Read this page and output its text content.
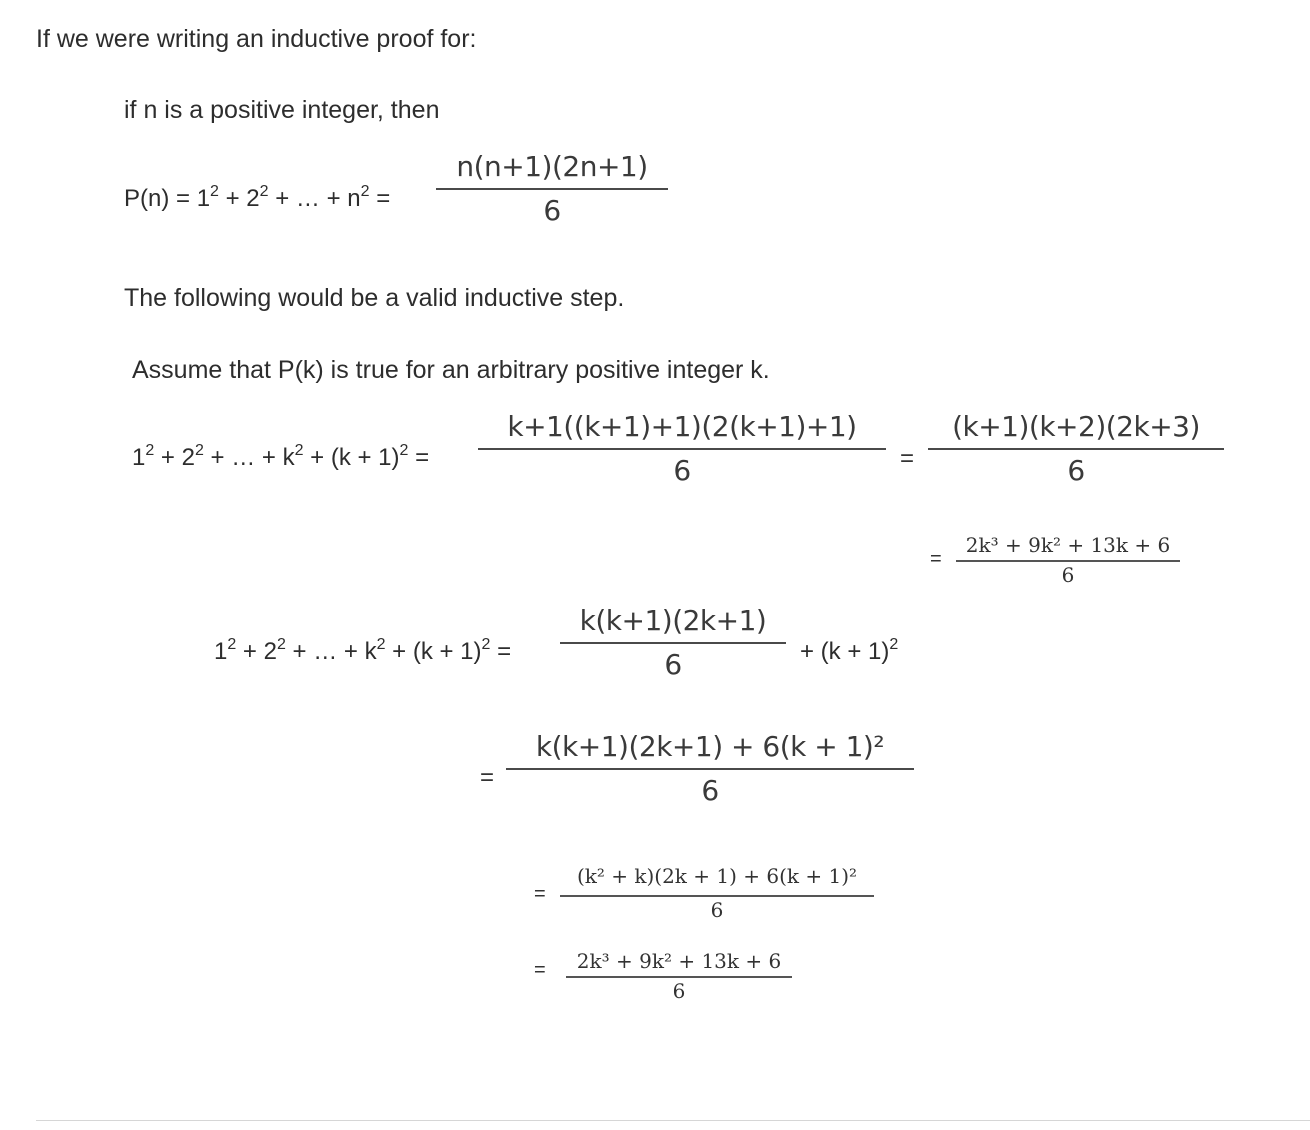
If we were writing an inductive proof for:
if n is a positive integer, then
$P(n) = 1^2 + 2^2$ + … + $n^2$ =
n(n+1)(2n+1)
6
The following would be a valid inductive step.
Assume that P(k) is true for an arbitrary positive integer k.
$1^2 + 2^2$ + … + $k^2 + (k + 1)^2$ =
k+1((k+1)+1)(2(k+1)+1)
6	=
(k+1)(k+2)(2k+3)
6
=
2k³ + 9k² + 13k + 6
6
$1^2 + 2^2$ + … + $k^2 + (k + 1)^2$ =
k(k+1)(2k+1)
6	+ $(k + 1)^2$
=
k(k+1)(2k+1) + 6(k + 1)²
6
=
(k² + k)(2k + 1) + 6(k + 1)²
6
=	2k³ + 9k² + 13k + 6
6
